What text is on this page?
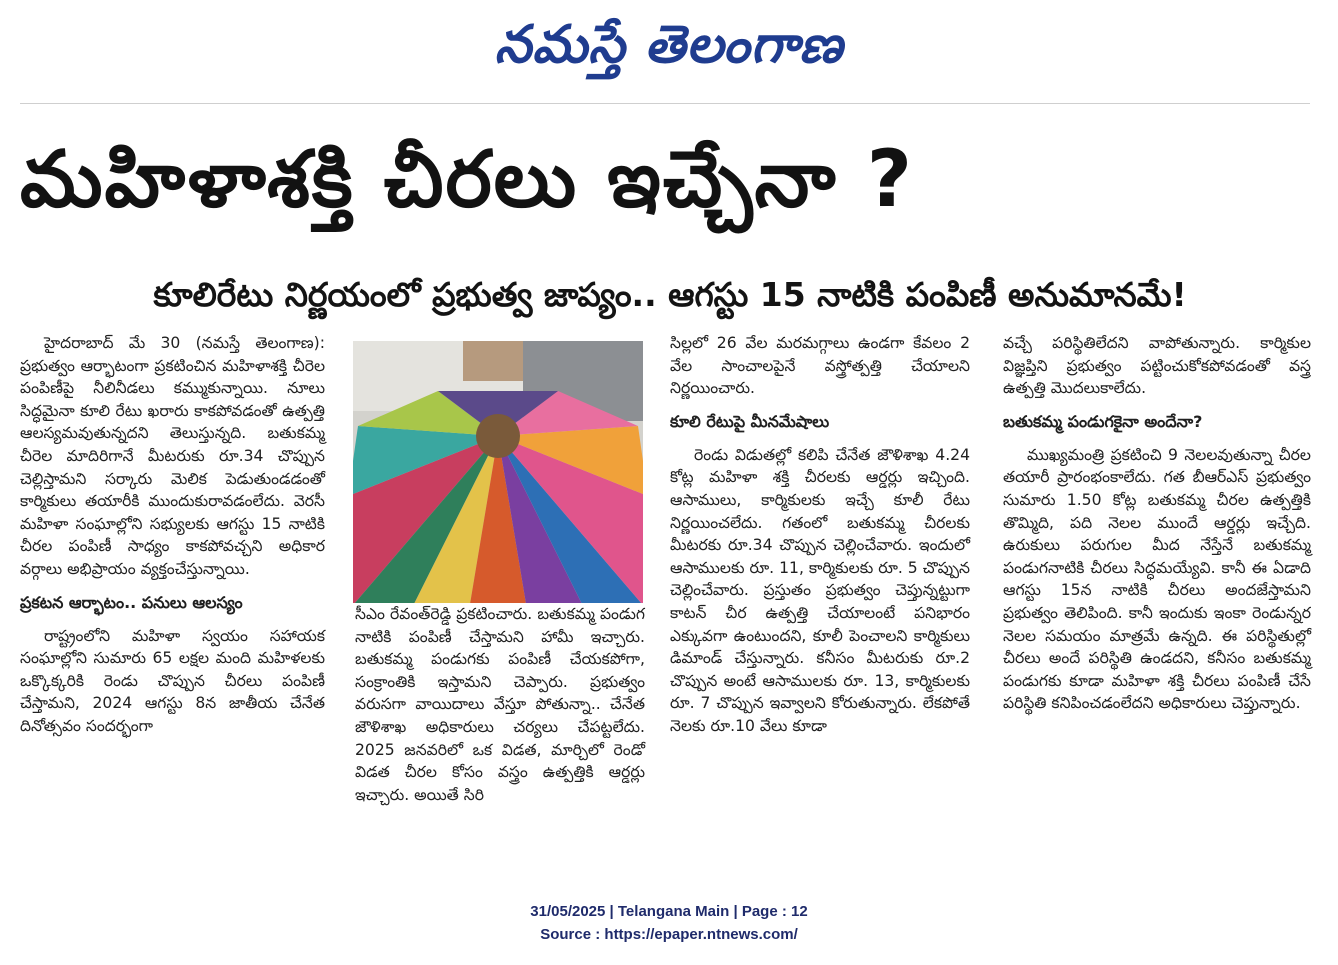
నమస్తే తెలంగాణ
మహిళాశక్తి చీరలు ఇచ్చేనా ?
కూలిరేటు నిర్ణయంలో ప్రభుత్వ జాప్యం.. ఆగస్టు 15 నాటికి పంపిణీ అనుమానమే!

హైదరాబాద్ మే 30 (నమస్తే తెలంగాణ): ప్రభుత్వం ఆర్భాటంగా ప్రకటించిన మహిళాశక్తి చీరెల పంపిణీపై నీలినీడలు కమ్ముకున్నాయి. నూలు సిద్ధమైనా కూలి రేటు ఖరారు కాకపోవడంతో ఉత్పత్తి ఆలస్యమవుతున్నదని తెలుస్తున్నది. బతుకమ్మ చీరెల మాదిరిగానే మీటరుకు రూ.34 చొప్పున చెల్లిస్తామని సర్కారు మెలిక పెడుతుండడంతో కార్మికులు తయారీకి ముందుకురావడంలేదు. వెరసీ మహిళా సంఘాల్లోని సభ్యులకు ఆగస్టు 15 నాటికి చీరల పంపిణీ సాధ్యం కాకపోవచ్చని అధికార వర్గాలు అభిప్రాయం వ్యక్తంచేస్తున్నాయి.

ప్రకటన ఆర్భాటం.. పనులు ఆలస్యం

రాష్ట్రంలోని మహిళా స్వయం సహాయక సంఘాల్లోని సుమారు 65 లక్షల మంది మహిళలకు ఒక్కొక్కరికి రెండు చొప్పున చీరలు పంపిణీ చేస్తామని, 2024 ఆగస్టు 8న జాతీయ చేనేత దినోత్సవం సందర్భంగా

సీఎం రేవంత్‌రెడ్డి ప్రకటించారు. బతుకమ్మ పండుగ నాటికి పంపిణీ చేస్తామని హామీ ఇచ్చారు. బతుకమ్మ పండుగకు పంపిణీ చేయకపోగా, సంక్రాంతికి ఇస్తామని చెప్పారు. ప్రభుత్వం వరుసగా వాయిదాలు వేస్తూ పోతున్నా.. చేనేత జౌళిశాఖ అధికారులు చర్యలు చేపట్టలేదు. 2025 జనవరిలో ఒక విడత, మార్చిలో రెండో విడత చీరల కోసం వస్త్రం ఉత్పత్తికి ఆర్డర్లు ఇచ్చారు. అయితే సిరి

సిల్లలో 26 వేల మరమగ్గాలు ఉండగా కేవలం 2 వేల సాంచాలపైనే వస్త్రోత్పత్తి చేయాలని నిర్ణయించారు.

కూలి రేటుపై మీనమేషాలు

రెండు విడుతల్లో కలిపి చేనేత జౌళిశాఖ 4.24 కోట్ల మహిళా శక్తి చీరలకు ఆర్డర్లు ఇచ్చింది. ఆసాములు, కార్మికులకు ఇచ్చే కూలీ రేటు నిర్ణయించలేదు. గతంలో బతుకమ్మ చీరలకు మీటరకు రూ.34 చొప్పున చెల్లించేవారు. ఇందులో ఆసాములకు రూ. 11, కార్మికులకు రూ. 5 చొప్పున చెల్లించేవారు. ప్రస్తుతం ప్రభుత్వం చెప్తున్నట్టుగా కాటన్ చీర ఉత్పత్తి చేయాలంటే పనిభారం ఎక్కువగా ఉంటుందని, కూలీ పెంచాలని కార్మికులు డిమాండ్ చేస్తున్నారు. కనీసం మీటరుకు రూ.2 చొప్పున అంటే ఆసాములకు రూ. 13, కార్మికులకు రూ. 7 చొప్పున ఇవ్వాలని కోరుతున్నారు. లేకపోతే నెలకు రూ.10 వేలు కూడా

వచ్చే పరిస్థితిలేదని వాపోతున్నారు. కార్మికుల విజ్ఞప్తిని ప్రభుత్వం పట్టించుకోకపోవడంతో వస్త్ర ఉత్పత్తి మొదలుకాలేదు.

బతుకమ్మ పండుగకైనా అందేనా?

ముఖ్యమంత్రి ప్రకటించి 9 నెలలవుతున్నా చీరల తయారీ ప్రారంభంకాలేదు. గత బీఆర్‌ఎస్ ప్రభుత్వం సుమారు 1.50 కోట్ల బతుకమ్మ చీరల ఉత్పత్తికి తొమ్మిది, పది నెలల ముందే ఆర్డర్లు ఇచ్చేది. ఉరుకులు పరుగుల మీద నేస్తేనే బతుకమ్మ పండుగనాటికి చీరలు సిద్ధమయ్యేవి. కానీ ఈ ఏడాది ఆగస్టు 15న నాటికి చీరలు అందజేస్తామని ప్రభుత్వం తెలిపింది. కానీ ఇందుకు ఇంకా రెండున్నర నెలల సమయం మాత్రమే ఉన్నది. ఈ పరిస్థితుల్లో చీరలు అందే పరిస్థితి ఉండదని, కనీసం బతుకమ్మ పండుగకు కూడా మహిళా శక్తి చీరలు పంపిణీ చేసే పరిస్థితి కనిపించడంలేదని అధికారులు చెప్తున్నారు.

31/05/2025 | Telangana Main | Page : 12
Source : https://epaper.ntnews.com/
